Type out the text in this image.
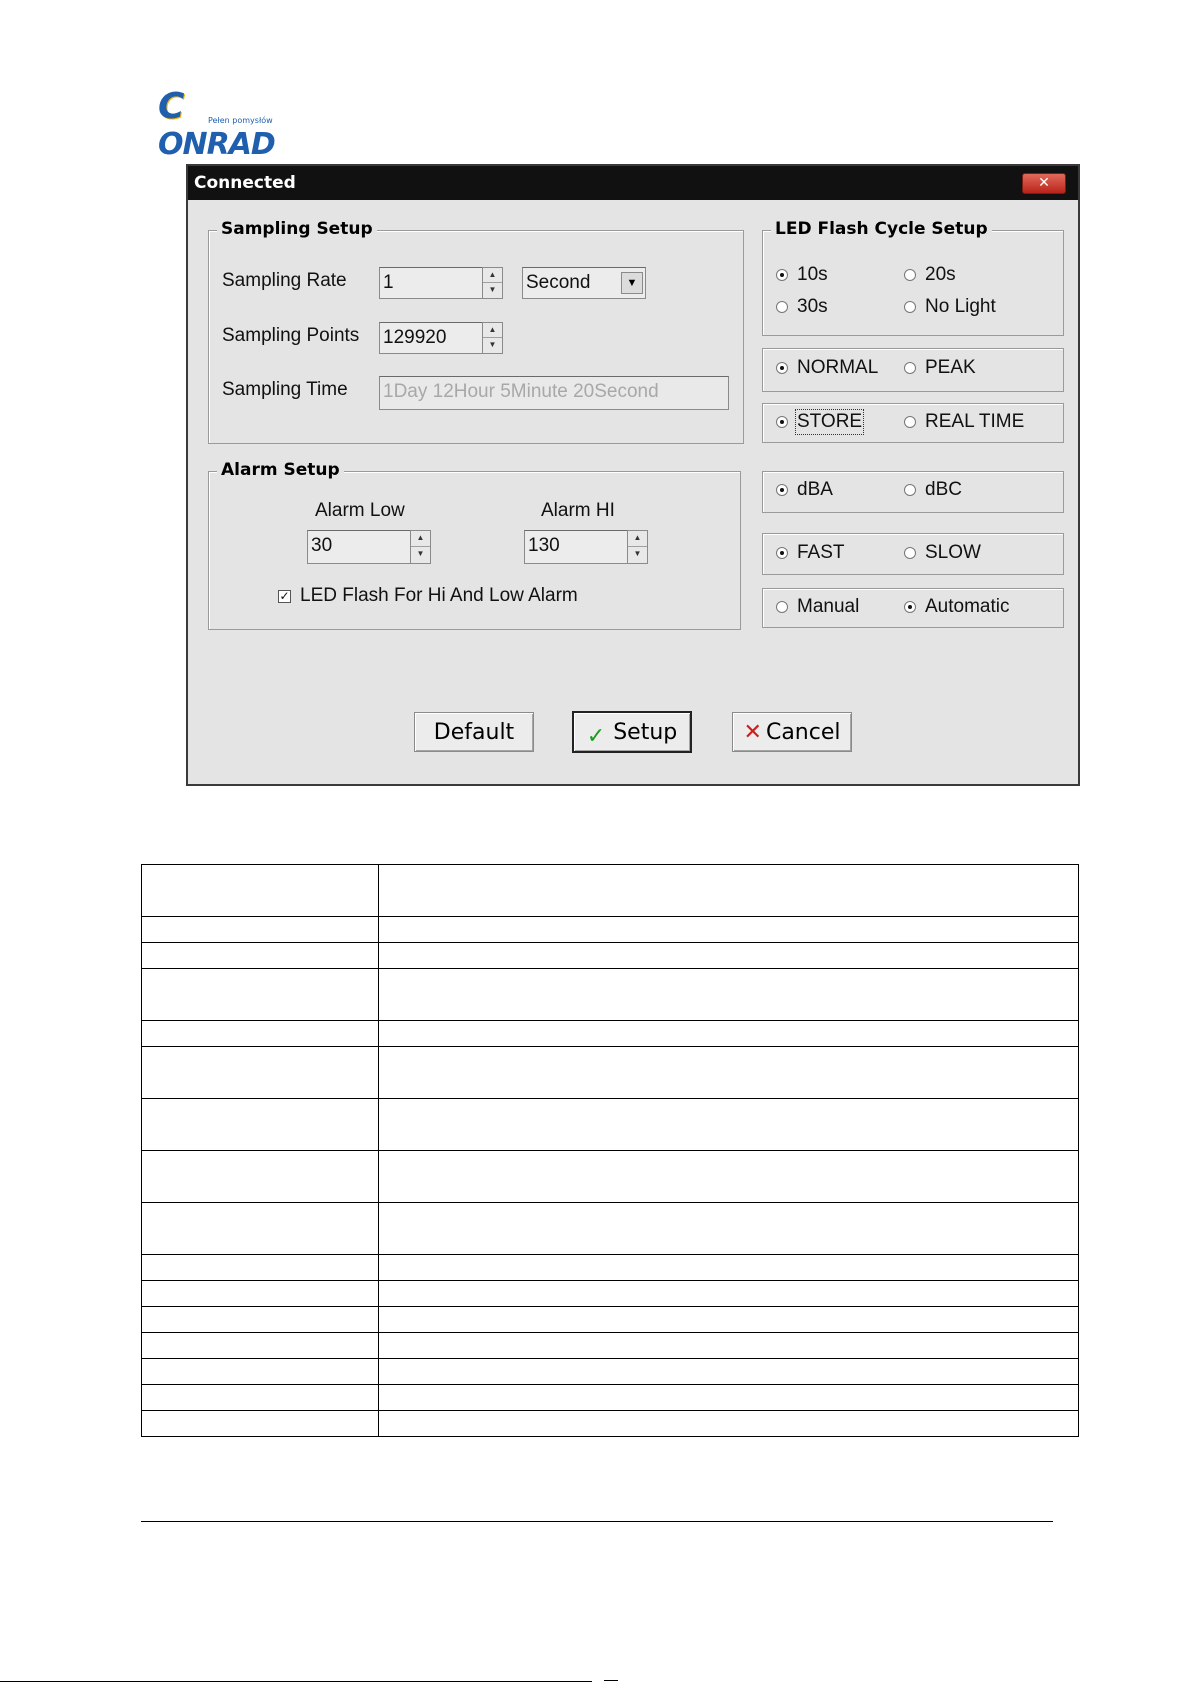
CONRAD
Pełen pomysłów
Connected	✕
Sampling Setup
Sampling Rate 1	▲
▼ Second	▼
Sampling Points 129920	▲
▼
Sampling Time 1Day 12Hour 5Minute 20Second
Alarm Setup
Alarm Low
30	▲
▼
Alarm HI
130	▲
▼
✓ LED Flash For Hi And Low Alarm
LED Flash Cycle Setup
10s	20s
30s	No Light
NORMAL PEAK
STORE	REAL TIME
dBA	dBC
FAST	SLOW
Manual	Automatic
Default	✓ Setup	✕ Cancel
